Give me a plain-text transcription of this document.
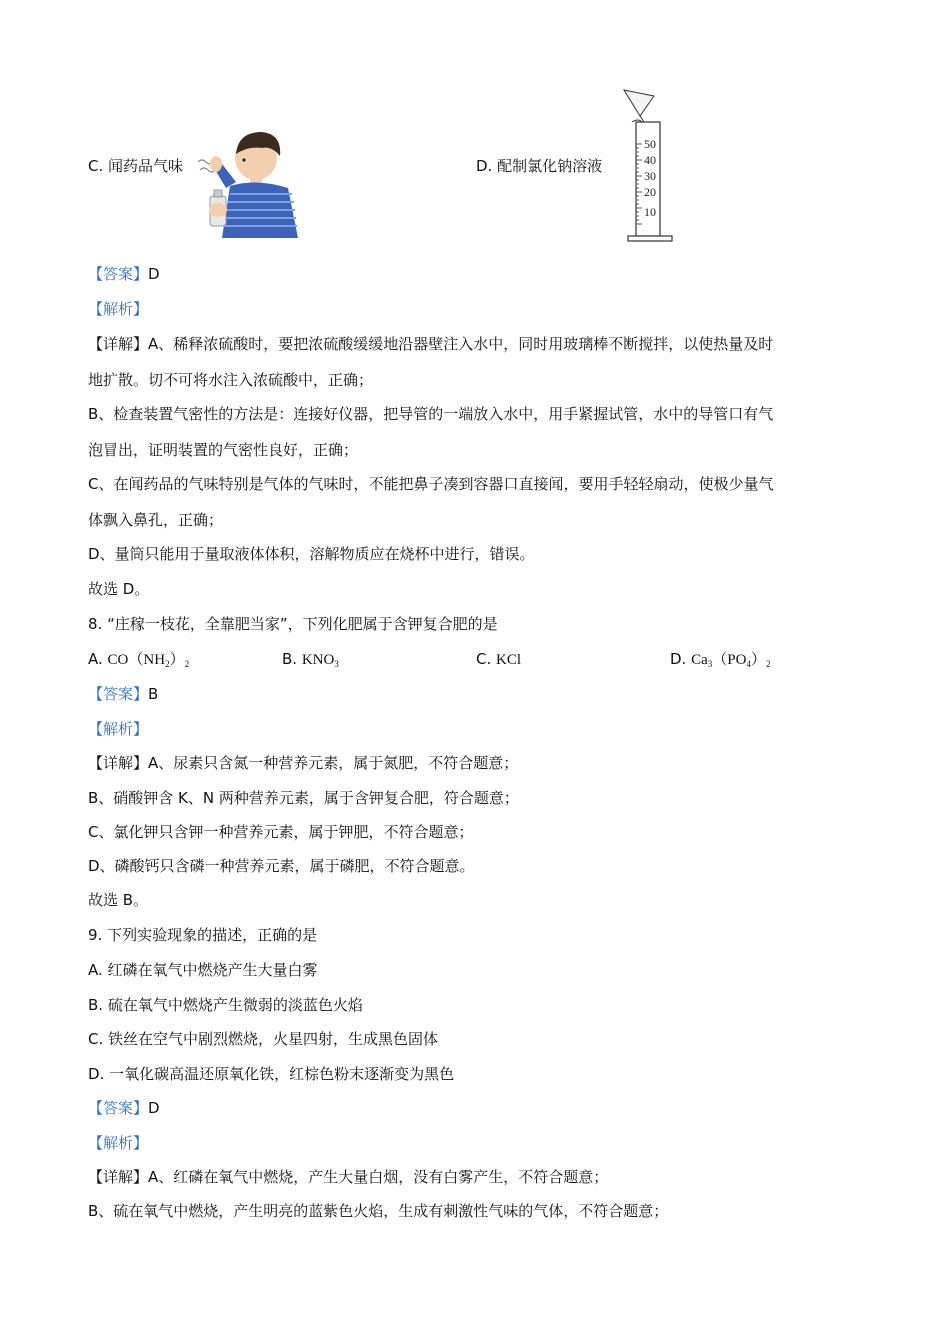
C. 闻药品气味	D. 配制氯化钠溶液
50
40
30
20
10
【答案】D
【解析】
【详解】A、稀释浓硫酸时，要把浓硫酸缓缓地沿器壁注入水中，同时用玻璃棒不断搅拌，以使热量及时
地扩散。切不可将水注入浓硫酸中，正确；
B、检查装置气密性的方法是：连接好仪器，把导管的一端放入水中，用手紧握试管，水中的导管口有气
泡冒出，证明装置的气密性良好，正确；
C、在闻药品的气味特别是气体的气味时，不能把鼻子凑到容器口直接闻，要用手轻轻扇动，使极少量气
体飘入鼻孔，正确；
D、量筒只能用于量取液体体积，溶解物质应在烧杯中进行，错误。
故选 D。
8. “庄稼一枝花，全靠肥当家”，下列化肥属于含钾复合肥的是
A. $CO(NH_2)_2$	B. $KNO_3$	C. KCl	D. $Ca_3(PO_4)_2$
【答案】B
【解析】
【详解】A、尿素只含氮一种营养元素，属于氮肥，不符合题意；
B、硝酸钾含 K、N 两种营养元素，属于含钾复合肥，符合题意；
C、氯化钾只含钾一种营养元素，属于钾肥，不符合题意；
D、磷酸钙只含磷一种营养元素，属于磷肥，不符合题意。
故选 B。
9. 下列实验现象的描述，正确的是
A. 红磷在氧气中燃烧产生大量白雾
B. 硫在氧气中燃烧产生微弱的淡蓝色火焰
C. 铁丝在空气中剧烈燃烧，火星四射，生成黑色固体
D. 一氧化碳高温还原氧化铁，红棕色粉末逐渐变为黑色
【答案】D
【解析】
【详解】A、红磷在氧气中燃烧，产生大量白烟，没有白雾产生，不符合题意；
B、硫在氧气中燃烧，产生明亮的蓝紫色火焰，生成有刺激性气味的气体，不符合题意；
